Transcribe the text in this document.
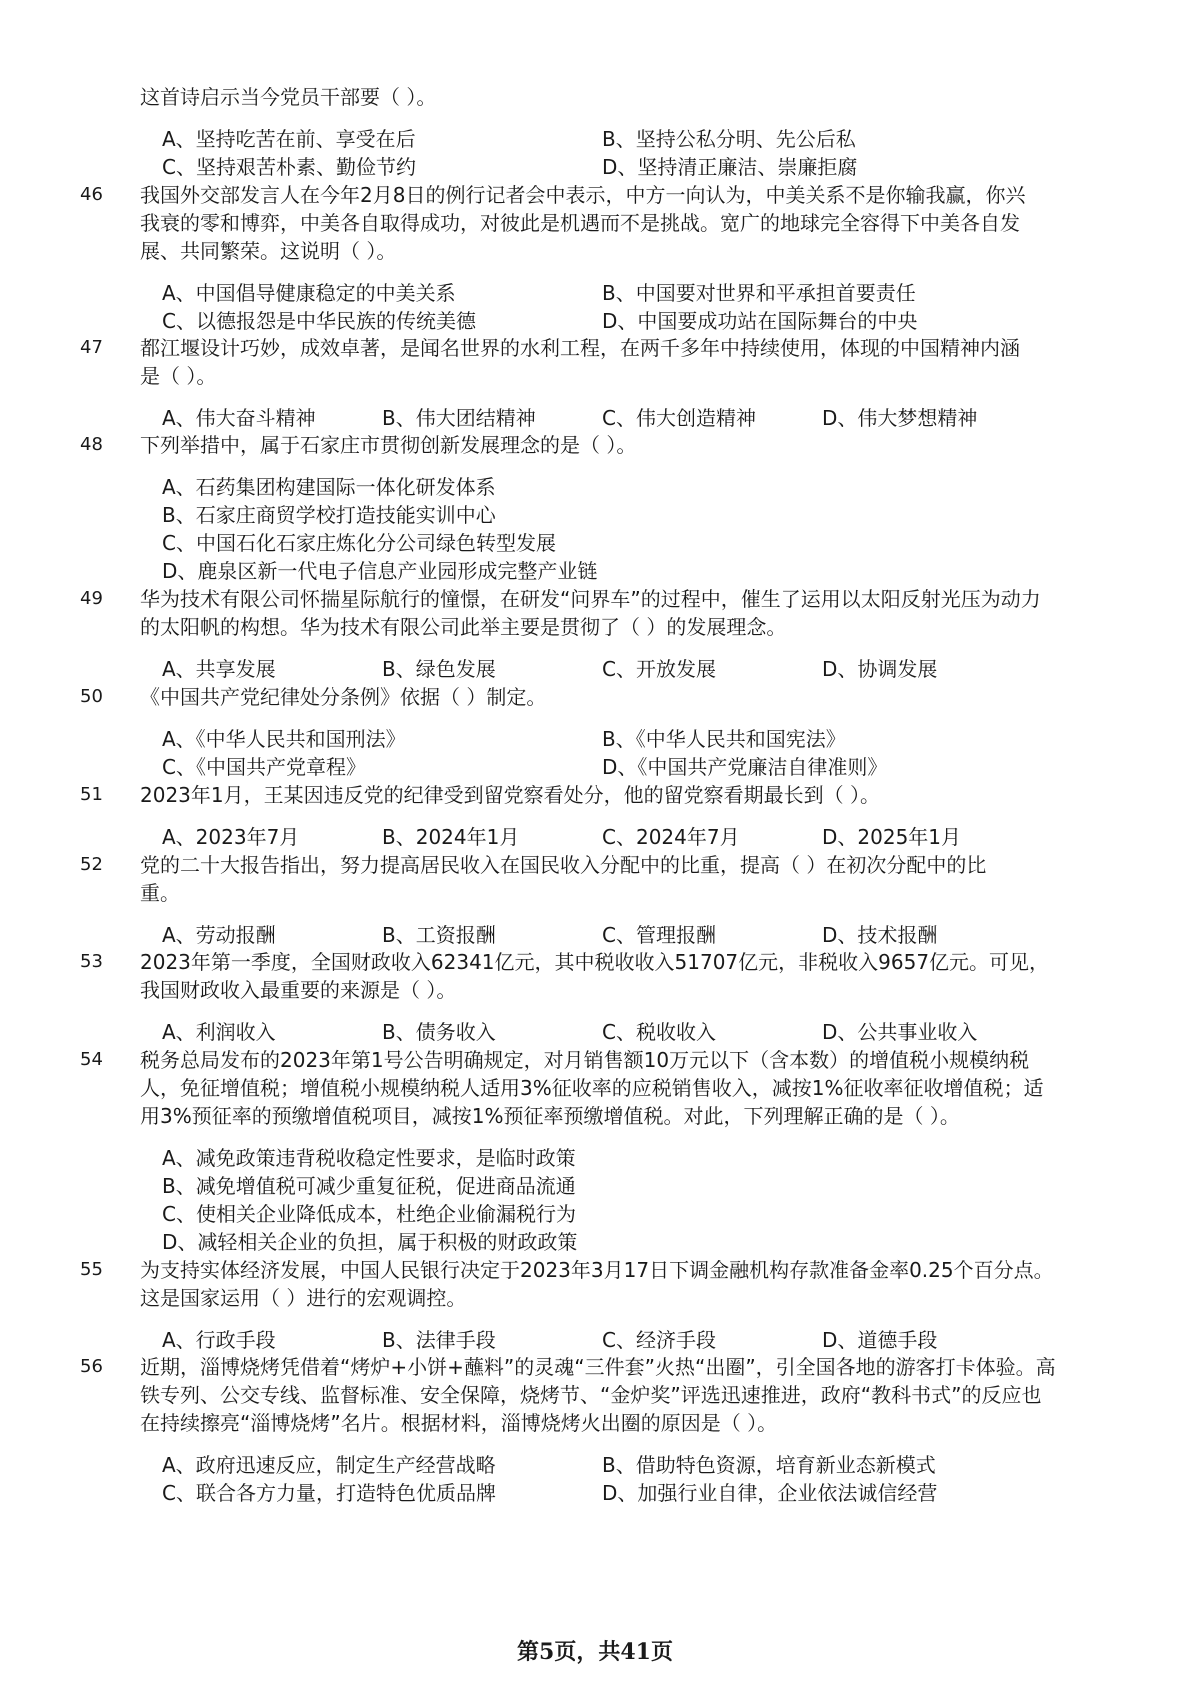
这首诗启示当今党员干部要（ ）。
A、坚持吃苦在前、享受在后	B、坚持公私分明、先公后私
C、坚持艰苦朴素、勤俭节约	D、坚持清正廉洁、崇廉拒腐
46	我国外交部发言人在今年2月8日的例行记者会中表示，中方一向认为，中美关系不是你输我赢，你兴
我衰的零和博弈，中美各自取得成功，对彼此是机遇而不是挑战。宽广的地球完全容得下中美各自发
展、共同繁荣。这说明（ ）。
A、中国倡导健康稳定的中美关系	B、中国要对世界和平承担首要责任
C、以德报怨是中华民族的传统美德	D、中国要成功站在国际舞台的中央
47	都江堰设计巧妙，成效卓著，是闻名世界的水利工程，在两千多年中持续使用，体现的中国精神内涵
是（ ）。
A、伟大奋斗精神	B、伟大团结精神	C、伟大创造精神	D、伟大梦想精神
48	下列举措中，属于石家庄市贯彻创新发展理念的是（ ）。
A、石药集团构建国际一体化研发体系
B、石家庄商贸学校打造技能实训中心
C、中国石化石家庄炼化分公司绿色转型发展
D、鹿泉区新一代电子信息产业园形成完整产业链
49	华为技术有限公司怀揣星际航行的憧憬，在研发“问界车”的过程中，催生了运用以太阳反射光压为动力
的太阳帆的构想。华为技术有限公司此举主要是贯彻了（ ）的发展理念。
A、共享发展	B、绿色发展	C、开放发展	D、协调发展
50	《中国共产党纪律处分条例》依据（ ）制定。
A、《中华人民共和国刑法》	B、《中华人民共和国宪法》
C、《中国共产党章程》	D、《中国共产党廉洁自律准则》
51	2023年1月，王某因违反党的纪律受到留党察看处分，他的留党察看期最长到（ ）。
A、2023年7月	B、2024年1月	C、2024年7月	D、2025年1月
52	党的二十大报告指出，努力提高居民收入在国民收入分配中的比重，提高（ ）在初次分配中的比
重。
A、劳动报酬	B、工资报酬	C、管理报酬	D、技术报酬
53	2023年第一季度，全国财政收入62341亿元，其中税收收入51707亿元，非税收入9657亿元。可见，
我国财政收入最重要的来源是（ ）。
A、利润收入	B、债务收入	C、税收收入	D、公共事业收入
54	税务总局发布的2023年第1号公告明确规定，对月销售额10万元以下（含本数）的增值税小规模纳税
人，免征增值税；增值税小规模纳税人适用3%征收率的应税销售收入，减按1%征收率征收增值税；适
用3%预征率的预缴增值税项目，减按1%预征率预缴增值税。对此，下列理解正确的是（ ）。
A、减免政策违背税收稳定性要求，是临时政策
B、减免增值税可减少重复征税，促进商品流通
C、使相关企业降低成本，杜绝企业偷漏税行为
D、减轻相关企业的负担，属于积极的财政政策
55	为支持实体经济发展，中国人民银行决定于2023年3月17日下调金融机构存款准备金率0.25个百分点。
这是国家运用（ ）进行的宏观调控。
A、行政手段	B、法律手段	C、经济手段	D、道德手段
56	近期，淄博烧烤凭借着“烤炉+小饼+蘸料”的灵魂“三件套”火热“出圈”，引全国各地的游客打卡体验。高
铁专列、公交专线、监督标准、安全保障，烧烤节、“金炉奖”评选迅速推进，政府“教科书式”的反应也
在持续擦亮“淄博烧烤”名片。根据材料，淄博烧烤火出圈的原因是（ ）。
A、政府迅速反应，制定生产经营战略	B、借助特色资源，培育新业态新模式
C、联合各方力量，打造特色优质品牌	D、加强行业自律，企业依法诚信经营
第5页，共41页
